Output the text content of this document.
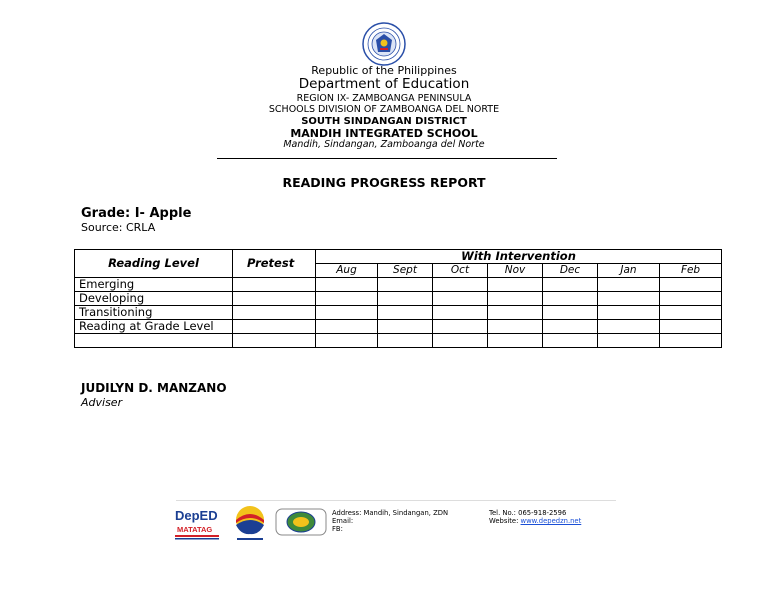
Republic of the Philippines
Department of Education
REGION IX- ZAMBOANGA PENINSULA
SCHOOLS DIVISION OF ZAMBOANGA DEL NORTE
SOUTH SINDANGAN DISTRICT
MANDIH INTEGRATED SCHOOL
Mandih, Sindangan, Zamboanga del Norte
READING PROGRESS REPORT
Grade: I- Apple
Source: CRLA
Reading Level	Pretest	With Intervention						
		Aug	Sept	Oct	Nov	Dec	Jan	Feb
Emerging								
Developing								
Transitioning								
Reading at Grade Level								

JUDILYN D. MANZANO
Adviser
DepED
MATATAG
Address: Mandih, Sindangan, ZDN
Email:
FB:
Tel. No.: 065-918-2596
Website: www.depedzn.net
